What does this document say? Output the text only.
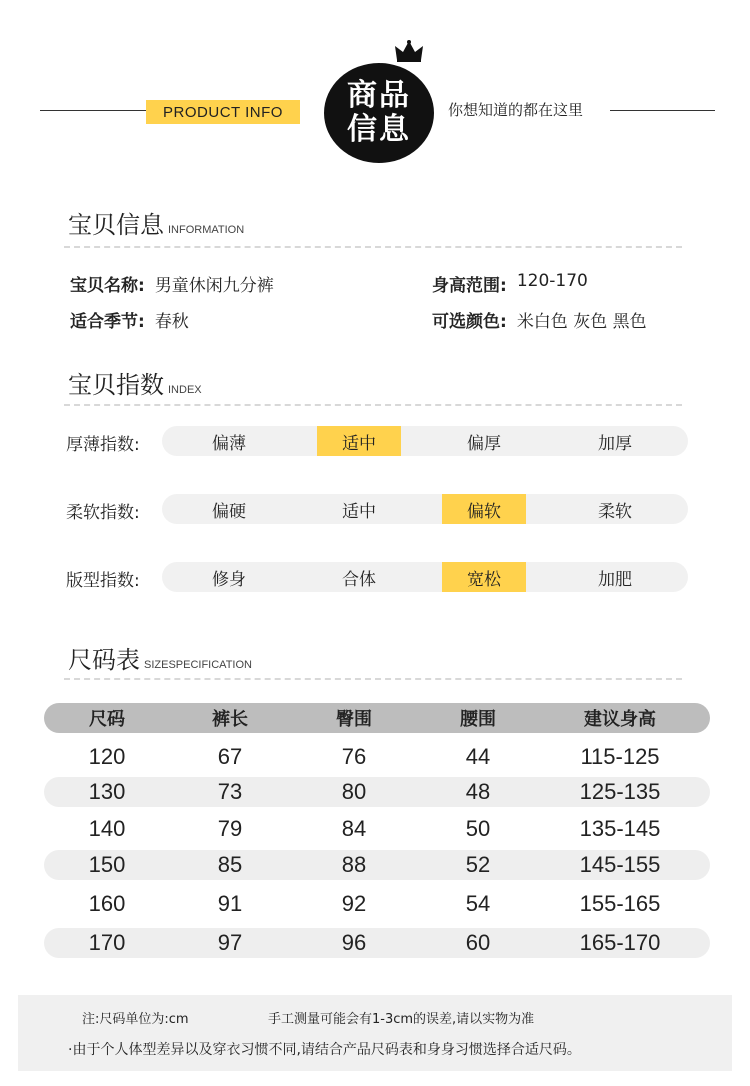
PRODUCT INFO	商品
信息
你想知道的都在这里
宝贝信息 INFORMATION
宝贝名称: 男童休闲九分裤	身高范围: 120-170
适合季节: 春秋	可选颜色: 米白色 灰色 黑色
宝贝指数 INDEX
厚薄指数:	偏薄	适中	偏厚	加厚
柔软指数:	偏硬	适中	偏软	柔软
版型指数:	修身	合体	宽松	加肥
尺码表 SIZESPECIFICATION
尺码	裤长	臀围	腰围	建议身高
120	67	76	44	115-125
130	73	80	48	125-135
140	79	84	50	135-145
150	85	88	52	145-155
160	91	92	54	155-165
170	97	96	60	165-170
注:尺码单位为:cm	手工测量可能会有1-3cm的误差,请以实物为准
·由于个人体型差异以及穿衣习惯不同,请结合产品尺码表和身身习惯选择合适尺码。
